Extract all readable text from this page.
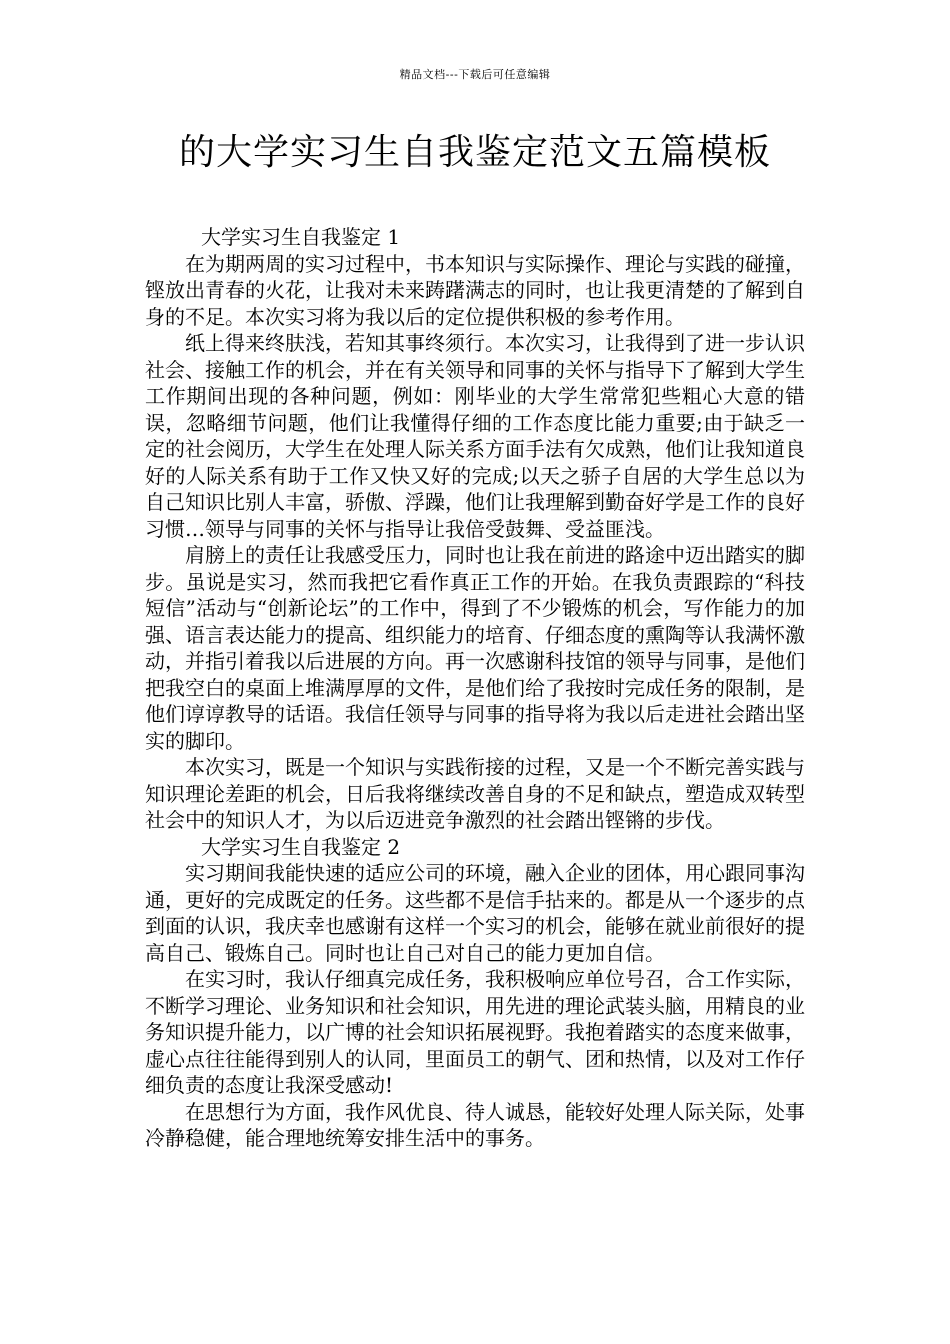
精品文档---下载后可任意编辑
的大学实习生自我鉴定范文五篇模板

大学实习生自我鉴定 1

在为期两周的实习过程中，书本知识与实际操作、理论与实践的碰撞，铿放出青春的火花，让我对未来踌躇满志的同时，也让我更清楚的了解到自身的不足。本次实习将为我以后的定位提供积极的参考作用。

纸上得来终肤浅，若知其事终须行。本次实习，让我得到了进一步认识社会、接触工作的机会，并在有关领导和同事的关怀与指导下了解到大学生工作期间出现的各种问题，例如：刚毕业的大学生常常犯些粗心大意的错误，忽略细节问题，他们让我懂得仔细的工作态度比能力重要;由于缺乏一定的社会阅历，大学生在处理人际关系方面手法有欠成熟，他们让我知道良好的人际关系有助于工作又快又好的完成;以天之骄子自居的大学生总以为自己知识比别人丰富，骄傲、浮躁，他们让我理解到勤奋好学是工作的良好习惯…领导与同事的关怀与指导让我倍受鼓舞、受益匪浅。

肩膀上的责任让我感受压力，同时也让我在前进的路途中迈出踏实的脚步。虽说是实习，然而我把它看作真正工作的开始。在我负责跟踪的“科技短信”活动与“创新论坛”的工作中，得到了不少锻炼的机会，写作能力的加强、语言表达能力的提高、组织能力的培育、仔细态度的熏陶等认我满怀激动，并指引着我以后进展的方向。再一次感谢科技馆的领导与同事，是他们把我空白的桌面上堆满厚厚的文件，是他们给了我按时完成任务的限制，是他们谆谆教导的话语。我信任领导与同事的指导将为我以后走进社会踏出坚实的脚印。

本次实习，既是一个知识与实践衔接的过程，又是一个不断完善实践与知识理论差距的机会，日后我将继续改善自身的不足和缺点，塑造成双转型社会中的知识人才，为以后迈进竞争激烈的社会踏出铿锵的步伐。

大学实习生自我鉴定 2

实习期间我能快速的适应公司的环境，融入企业的团体，用心跟同事沟通，更好的完成既定的任务。这些都不是信手拈来的。都是从一个逐步的点到面的认识，我庆幸也感谢有这样一个实习的机会，能够在就业前很好的提高自己、锻炼自己。同时也让自己对自己的能力更加自信。

在实习时，我认仔细真完成任务，我积极响应单位号召，合工作实际，不断学习理论、业务知识和社会知识，用先进的理论武装头脑，用精良的业务知识提升能力，以广博的社会知识拓展视野。我抱着踏实的态度来做事，虚心点往往能得到别人的认同，里面员工的朝气、团和热情，以及对工作仔细负责的态度让我深受感动!

在思想行为方面，我作风优良、待人诚恳，能较好处理人际关际，处事冷静稳健，能合理地统筹安排生活中的事务。
